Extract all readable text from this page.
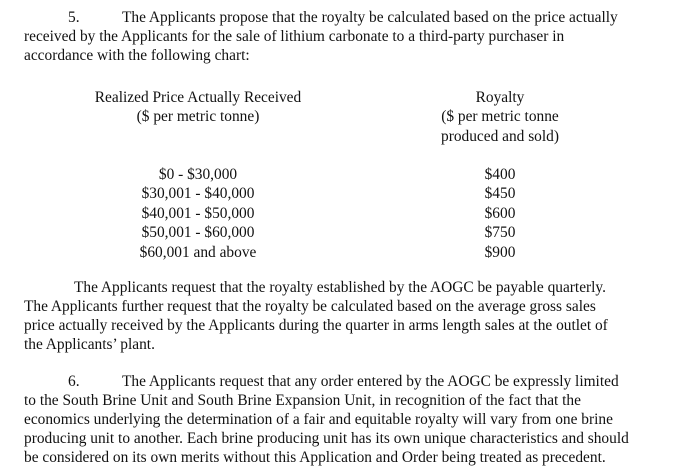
5.	The Applicants propose that the royalty be calculated based on the price actually
received by the Applicants for the sale of lithium carbonate to a third-party purchaser in
accordance with the following chart:

Realized Price Actually Received
($ per metric tonne)
Royalty
($ per metric tonne
produced and sold)
$0 - $30,000
$30,001 - $40,000
$40,001 - $50,000
$50,001 - $60,000
$60,001 and above
$400
$450
$600
$750
$900

The Applicants request that the royalty established by the AOGC be payable quarterly.
The Applicants further request that the royalty be calculated based on the average gross sales
price actually received by the Applicants during the quarter in arms length sales at the outlet of
the Applicants’ plant.

6.	The Applicants request that any order entered by the AOGC be expressly limited
to the South Brine Unit and South Brine Expansion Unit, in recognition of the fact that the
economics underlying the determination of a fair and equitable royalty will vary from one brine
producing unit to another. Each brine producing unit has its own unique characteristics and should
be considered on its own merits without this Application and Order being treated as precedent.
